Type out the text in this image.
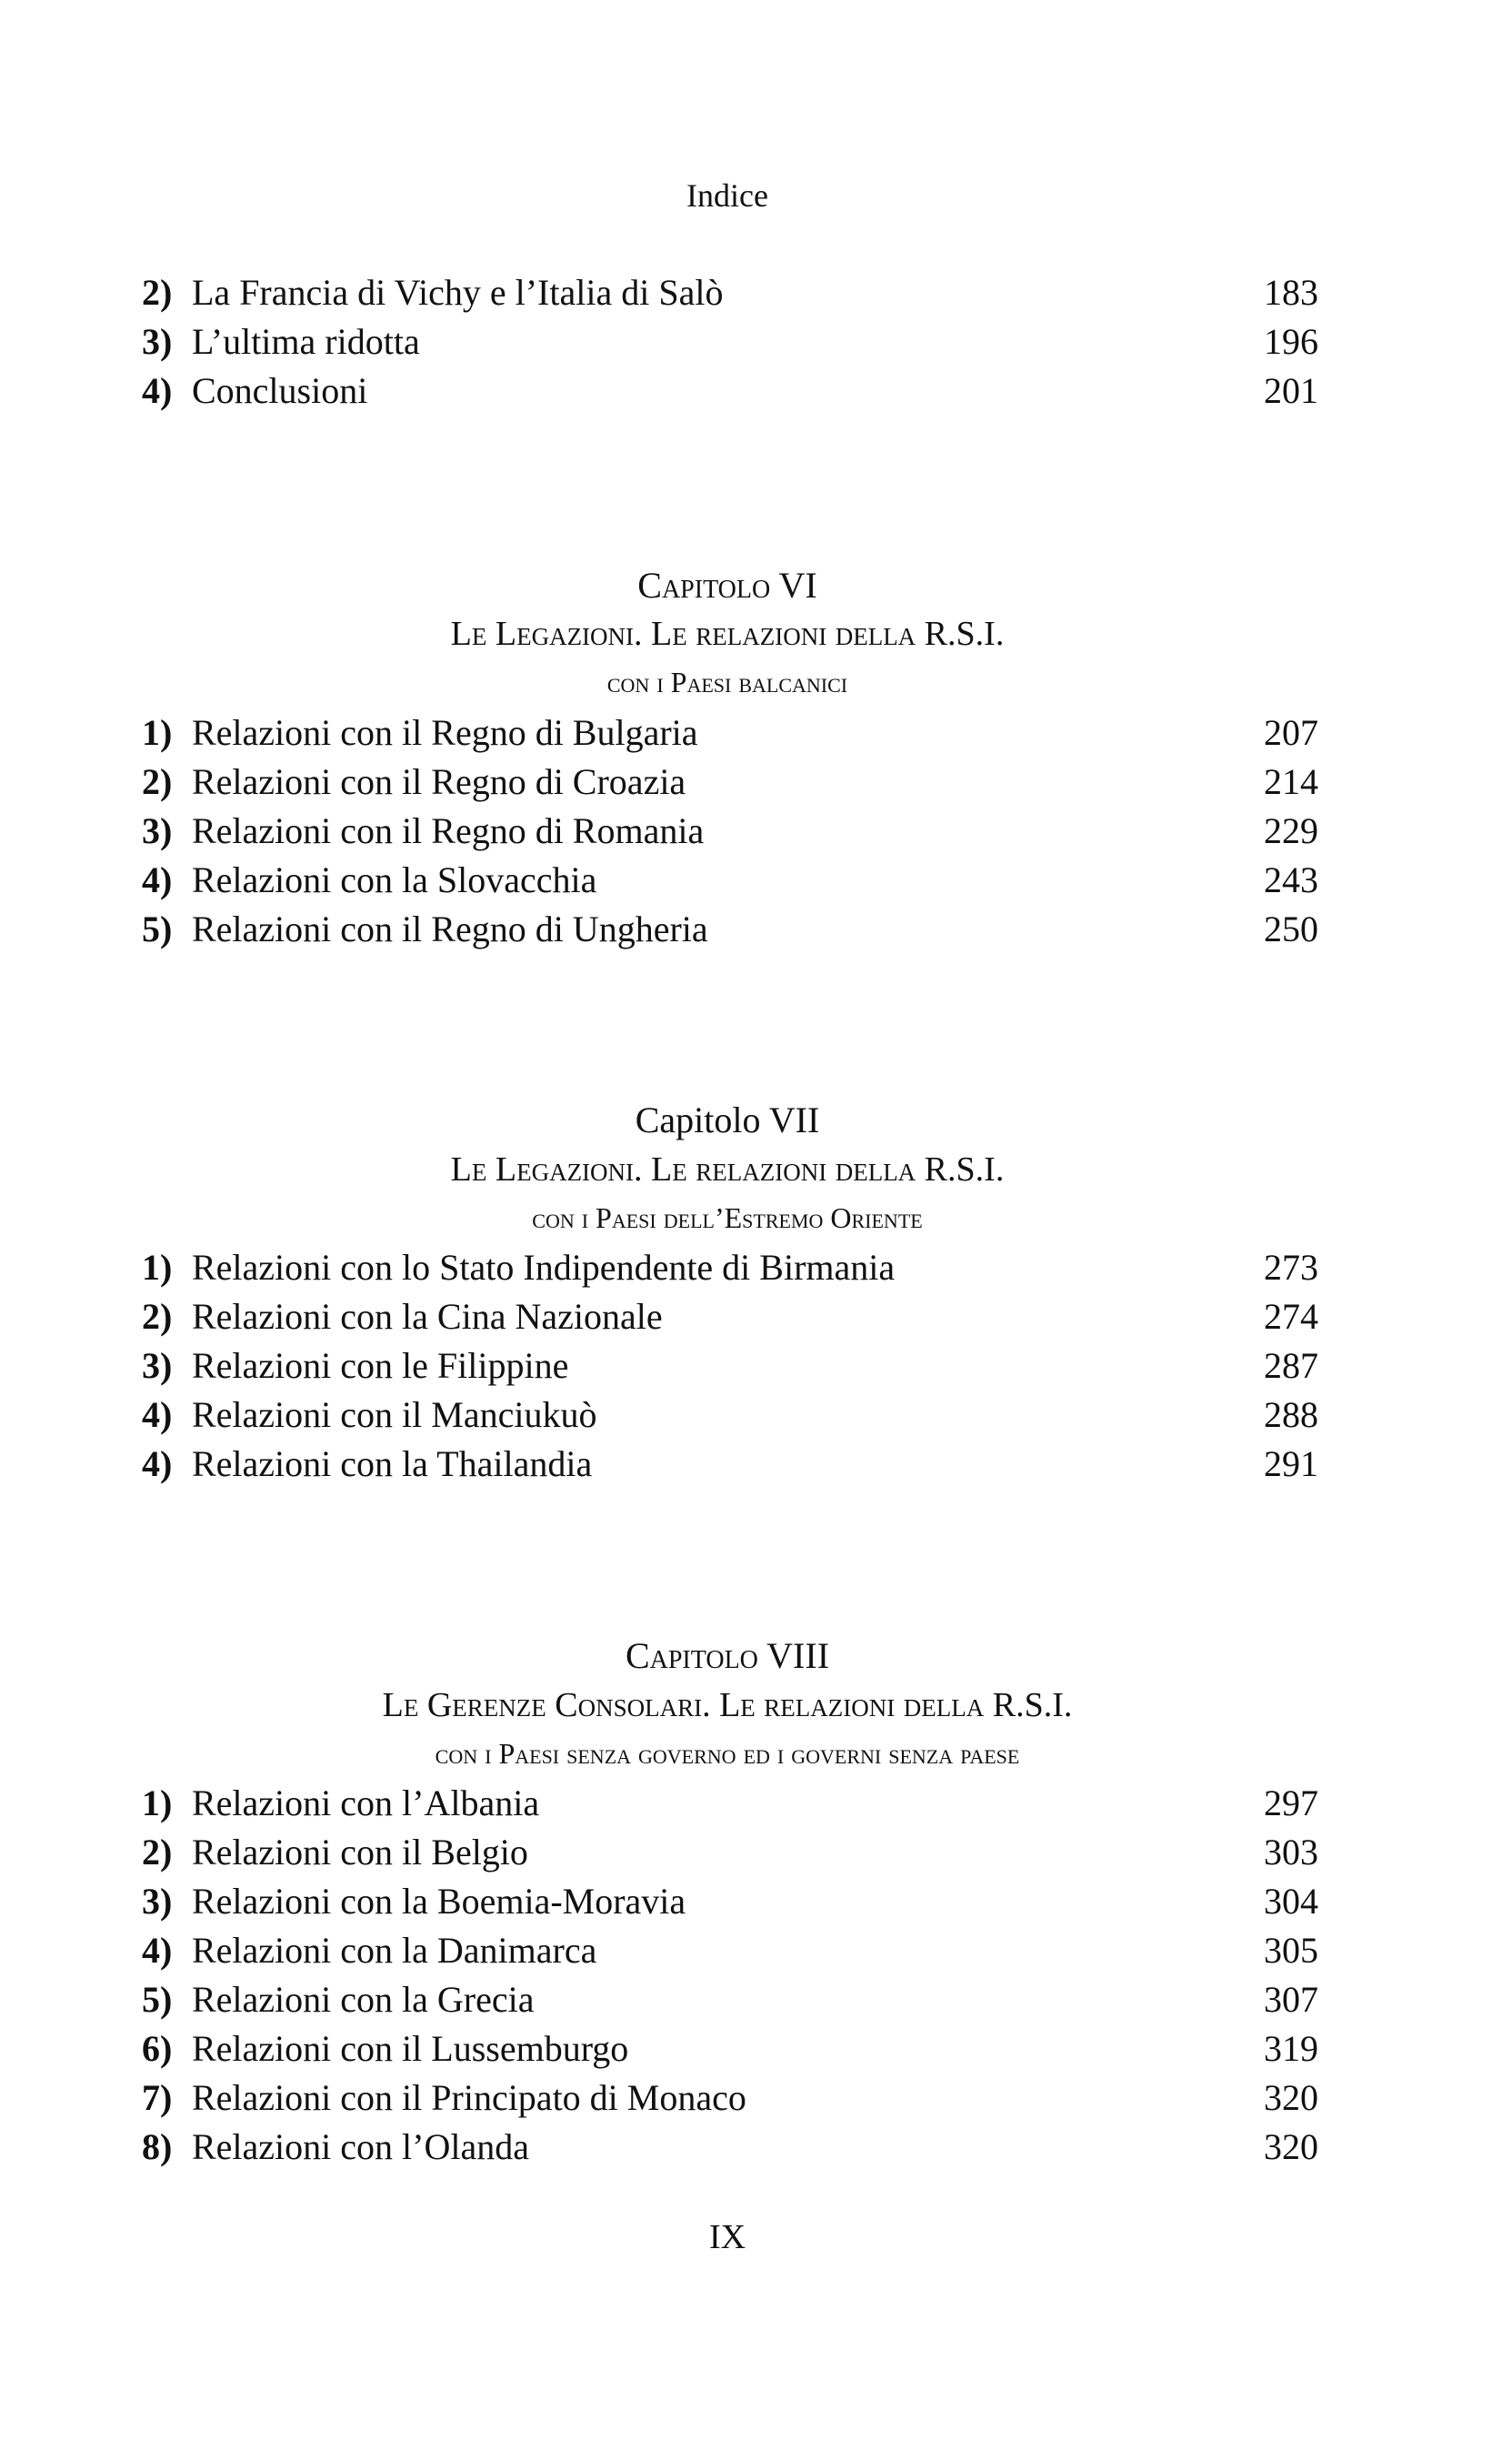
Indice
2) La Francia di Vichy e l’Italia di Salò	183
3) L’ultima ridotta	196
4) Conclusioni	201
Capitolo VI
Le Legazioni. Le relazioni della R.S.I.
con i Paesi balcanici
1) Relazioni con il Regno di Bulgaria	207
2) Relazioni con il Regno di Croazia	214
3) Relazioni con il Regno di Romania	229
4) Relazioni con la Slovacchia	243
5) Relazioni con il Regno di Ungheria	250
Capitolo VII
Le Legazioni. Le relazioni della R.S.I.
con i Paesi dell’Estremo Oriente
1) Relazioni con lo Stato Indipendente di Birmania	273
2) Relazioni con la Cina Nazionale	274
3) Relazioni con le Filippine	287
4) Relazioni con il Manciukuò	288
4) Relazioni con la Thailandia	291
Capitolo VIII
Le Gerenze Consolari. Le relazioni della R.S.I.
con i Paesi senza governo ed i governi senza paese
1) Relazioni con l’Albania	297
2) Relazioni con il Belgio	303
3) Relazioni con la Boemia-Moravia	304
4) Relazioni con la Danimarca	305
5) Relazioni con la Grecia	307
6) Relazioni con il Lussemburgo	319
7) Relazioni con il Principato di Monaco	320
8) Relazioni con l’Olanda	320
IX
